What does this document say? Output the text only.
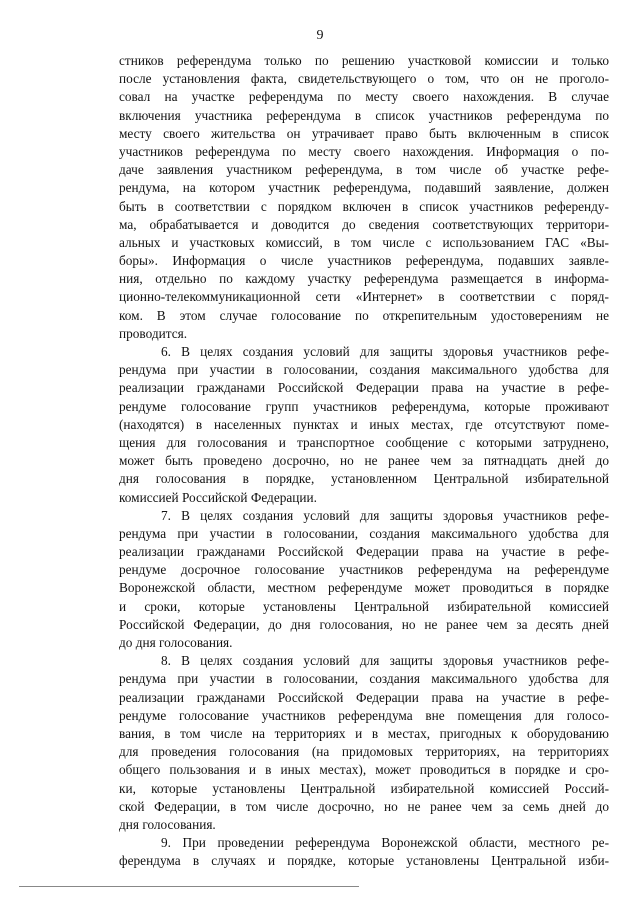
9
стников референдума только по решению участковой комиссии и только
после установления факта, свидетельствующего о том, что он не проголо-
совал на участке референдума по месту своего нахождения. В случае
включения участника референдума в список участников референдума по
месту своего жительства он утрачивает право быть включенным в список
участников референдума по месту своего нахождения. Информация о по-
даче заявления участником референдума, в том числе об участке рефе-
рендума, на котором участник референдума, подавший заявление, должен
быть в соответствии с порядком включен в список участников референду-
ма, обрабатывается и доводится до сведения соответствующих территори-
альных и участковых комиссий, в том числе с использованием ГАС «Вы-
боры». Информация о числе участников референдума, подавших заявле-
ния, отдельно по каждому участку референдума размещается в информа-
ционно-телекоммуникационной сети «Интернет» в соответствии с поряд-
ком. В этом случае голосование по открепительным удостоверениям не
проводится.
6. В целях создания условий для защиты здоровья участников рефе-
рендума при участии в голосовании, создания максимального удобства для
реализации гражданами Российской Федерации права на участие в рефе-
рендуме голосование групп участников референдума, которые проживают
(находятся) в населенных пунктах и иных местах, где отсутствуют поме-
щения для голосования и транспортное сообщение с которыми затруднено,
может быть проведено досрочно, но не ранее чем за пятнадцать дней до
дня голосования в порядке, установленном Центральной избирательной
комиссией Российской Федерации.
7. В целях создания условий для защиты здоровья участников рефе-
рендума при участии в голосовании, создания максимального удобства для
реализации гражданами Российской Федерации права на участие в рефе-
рендуме досрочное голосование участников референдума на референдуме
Воронежской области, местном референдуме может проводиться в порядке
и сроки, которые установлены Центральной избирательной комиссией
Российской Федерации, до дня голосования, но не ранее чем за десять дней
до дня голосования.
8. В целях создания условий для защиты здоровья участников рефе-
рендума при участии в голосовании, создания максимального удобства для
реализации гражданами Российской Федерации права на участие в рефе-
рендуме голосование участников референдума вне помещения для голосо-
вания, в том числе на территориях и в местах, пригодных к оборудованию
для проведения голосования (на придомовых территориях, на территориях
общего пользования и в иных местах), может проводиться в порядке и сро-
ки, которые установлены Центральной избирательной комиссией Россий-
ской Федерации, в том числе досрочно, но не ранее чем за семь дней до
дня голосования.
9. При проведении референдума Воронежской области, местного ре-
ферендума в случаях и порядке, которые установлены Центральной изби-
